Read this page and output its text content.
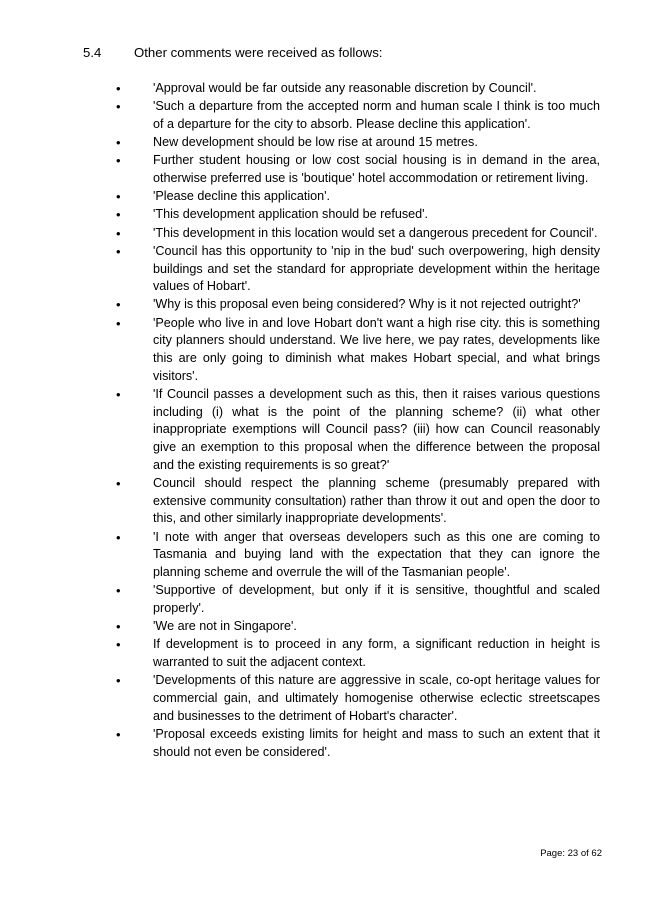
5.4	Other comments were received as follows:
•	'Approval would be far outside any reasonable discretion by Council'.
•	'Such a departure from the accepted norm and human scale I think is too much of a departure for the city to absorb. Please decline this application'.
•	New development should be low rise at around 15 metres.
•	Further student housing or low cost social housing is in demand in the area, otherwise preferred use is 'boutique' hotel accommodation or retirement living.
•	'Please decline this application'.
•	'This development application should be refused'.
•	'This development in this location would set a dangerous precedent for Council'.
•	'Council has this opportunity to 'nip in the bud' such overpowering, high density buildings and set the standard for appropriate development within the heritage values of Hobart'.
•	'Why is this proposal even being considered? Why is it not rejected outright?'
•	'People who live in and love Hobart don't want a high rise city. this is something city planners should understand. We live here, we pay rates, developments like this are only going to diminish what makes Hobart special, and what brings visitors'.
•	'If Council passes a development such as this, then it raises various questions including (i) what is the point of the planning scheme? (ii) what other inappropriate exemptions will Council pass? (iii) how can Council reasonably give an exemption to this proposal when the difference between the proposal and the existing requirements is so great?'
•	Council should respect the planning scheme (presumably prepared with extensive community consultation) rather than throw it out and open the door to this, and other similarly inappropriate developments'.
•	'I note with anger that overseas developers such as this one are coming to Tasmania and buying land with the expectation that they can ignore the planning scheme and overrule the will of the Tasmanian people'.
•	'Supportive of development, but only if it is sensitive, thoughtful and scaled properly'.
•	'We are not in Singapore'.
•	If development is to proceed in any form, a significant reduction in height is warranted to suit the adjacent context.
•	'Developments of this nature are aggressive in scale, co-opt heritage values for commercial gain, and ultimately homogenise otherwise eclectic streetscapes and businesses to the detriment of Hobart's character'.
•	'Proposal exceeds existing limits for height and mass to such an extent that it should not even be considered'.
Page: 23 of 62
